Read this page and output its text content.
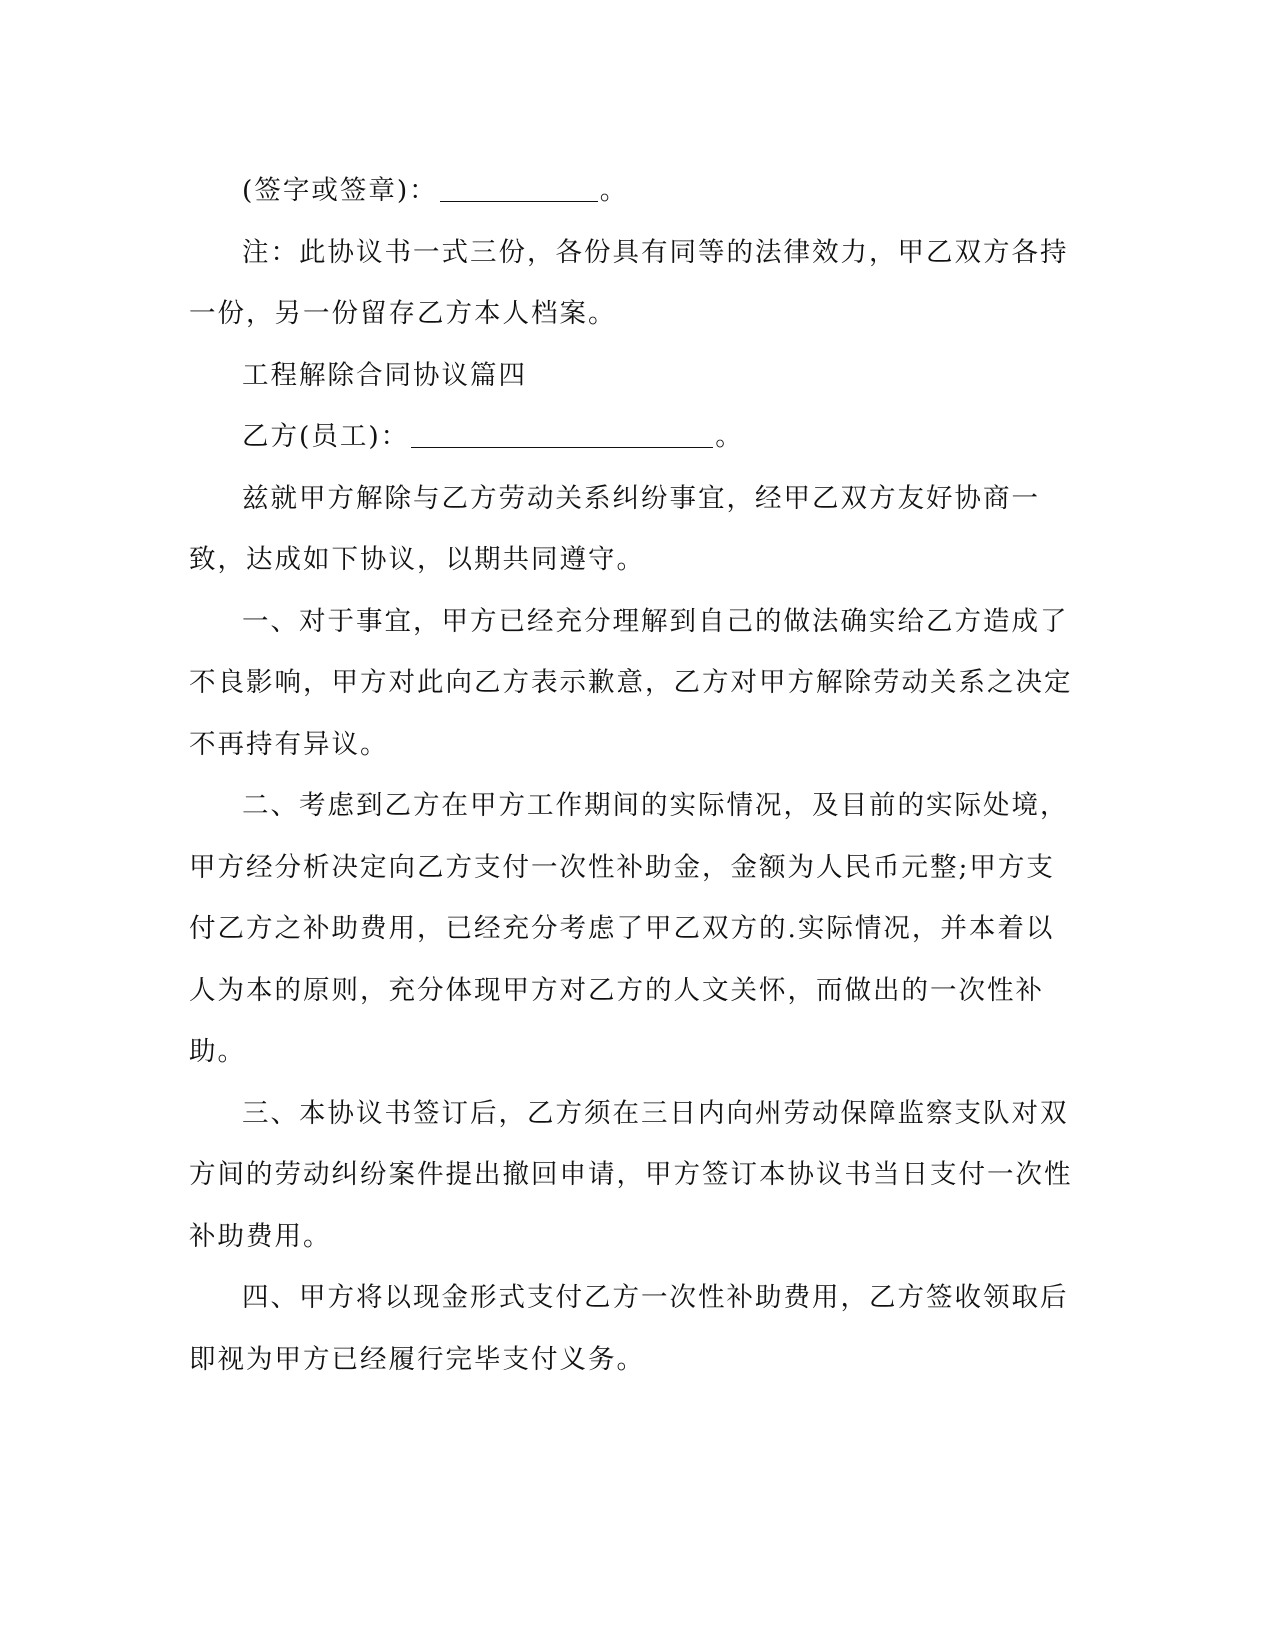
(签字或签章)：	。

注：此协议书一式三份，各份具有同等的法律效力，甲乙双方各持一份，另一份留存乙方本人档案。

工程解除合同协议篇四

乙方(员工)：	。

兹就甲方解除与乙方劳动关系纠纷事宜，经甲乙双方友好协商一致，达成如下协议，以期共同遵守。

一、对于事宜，甲方已经充分理解到自己的做法确实给乙方造成了不良影响，甲方对此向乙方表示歉意，乙方对甲方解除劳动关系之决定不再持有异议。

二、考虑到乙方在甲方工作期间的实际情况，及目前的实际处境，甲方经分析决定向乙方支付一次性补助金，金额为人民币元整;甲方支付乙方之补助费用，已经充分考虑了甲乙双方的.实际情况，并本着以人为本的原则，充分体现甲方对乙方的人文关怀，而做出的一次性补助。

三、本协议书签订后，乙方须在三日内向州劳动保障监察支队对双方间的劳动纠纷案件提出撤回申请，甲方签订本协议书当日支付一次性补助费用。

四、甲方将以现金形式支付乙方一次性补助费用，乙方签收领取后即视为甲方已经履行完毕支付义务。
